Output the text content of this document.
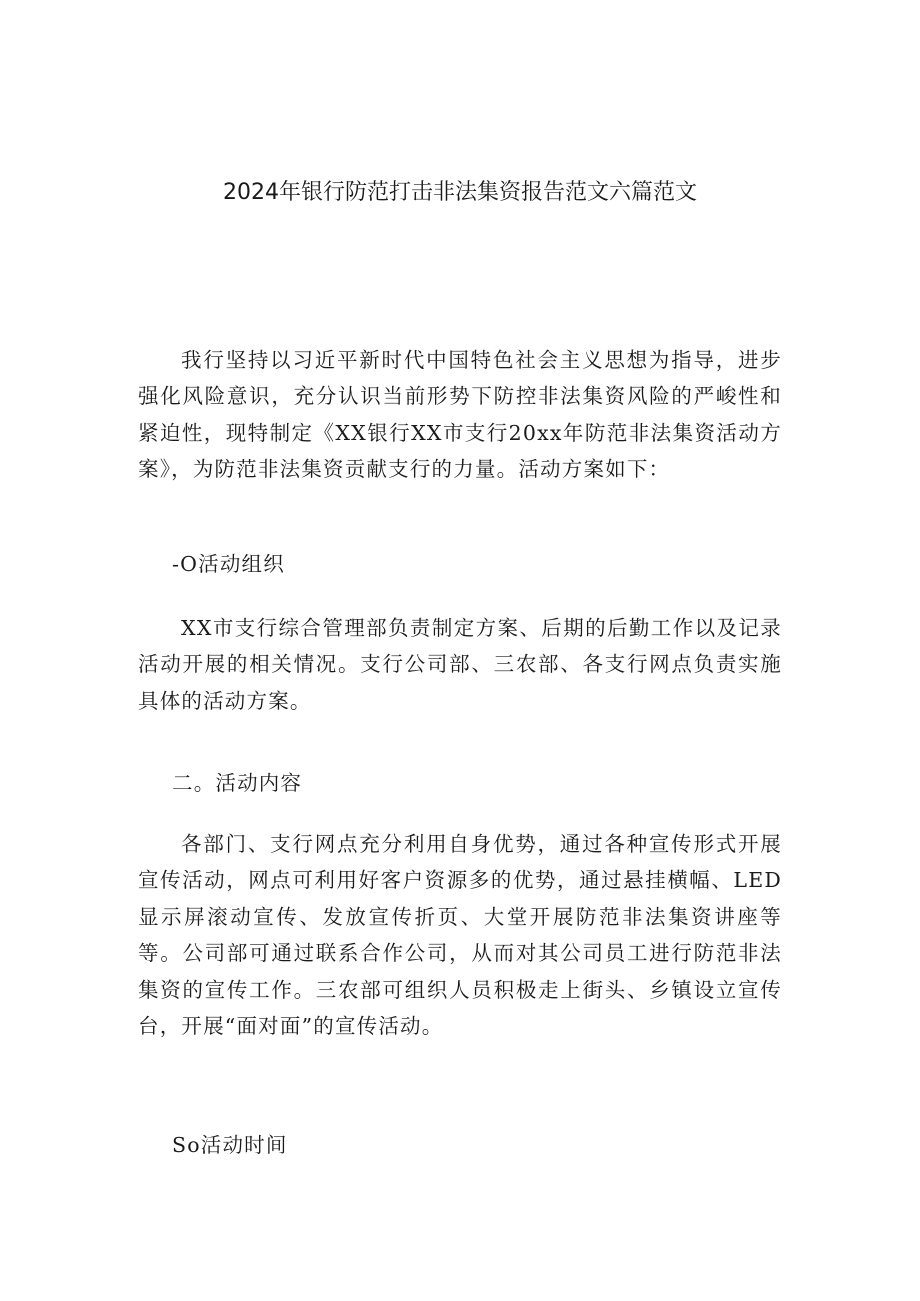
2024年银行防范打击非法集资报告范文六篇范文

我行坚持以习近平新时代中国特色社会主义思想为指导，进步强化风险意识，充分认识当前形势下防控非法集资风险的严峻性和紧迫性，现特制定《XX银行XX市支行20xx年防范非法集资活动方案》，为防范非法集资贡献支行的力量。活动方案如下：

-O活动组织

XX市支行综合管理部负责制定方案、后期的后勤工作以及记录活动开展的相关情况。支行公司部、三农部、各支行网点负责实施具体的活动方案。

二。活动内容

各部门、支行网点充分利用自身优势，通过各种宣传形式开展宣传活动，网点可利用好客户资源多的优势，通过悬挂横幅、LED显示屏滚动宣传、发放宣传折页、大堂开展防范非法集资讲座等等。公司部可通过联系合作公司，从而对其公司员工进行防范非法集资的宣传工作。三农部可组织人员积极走上街头、乡镇设立宣传台，开展“面对面”的宣传活动。

So活动时间
